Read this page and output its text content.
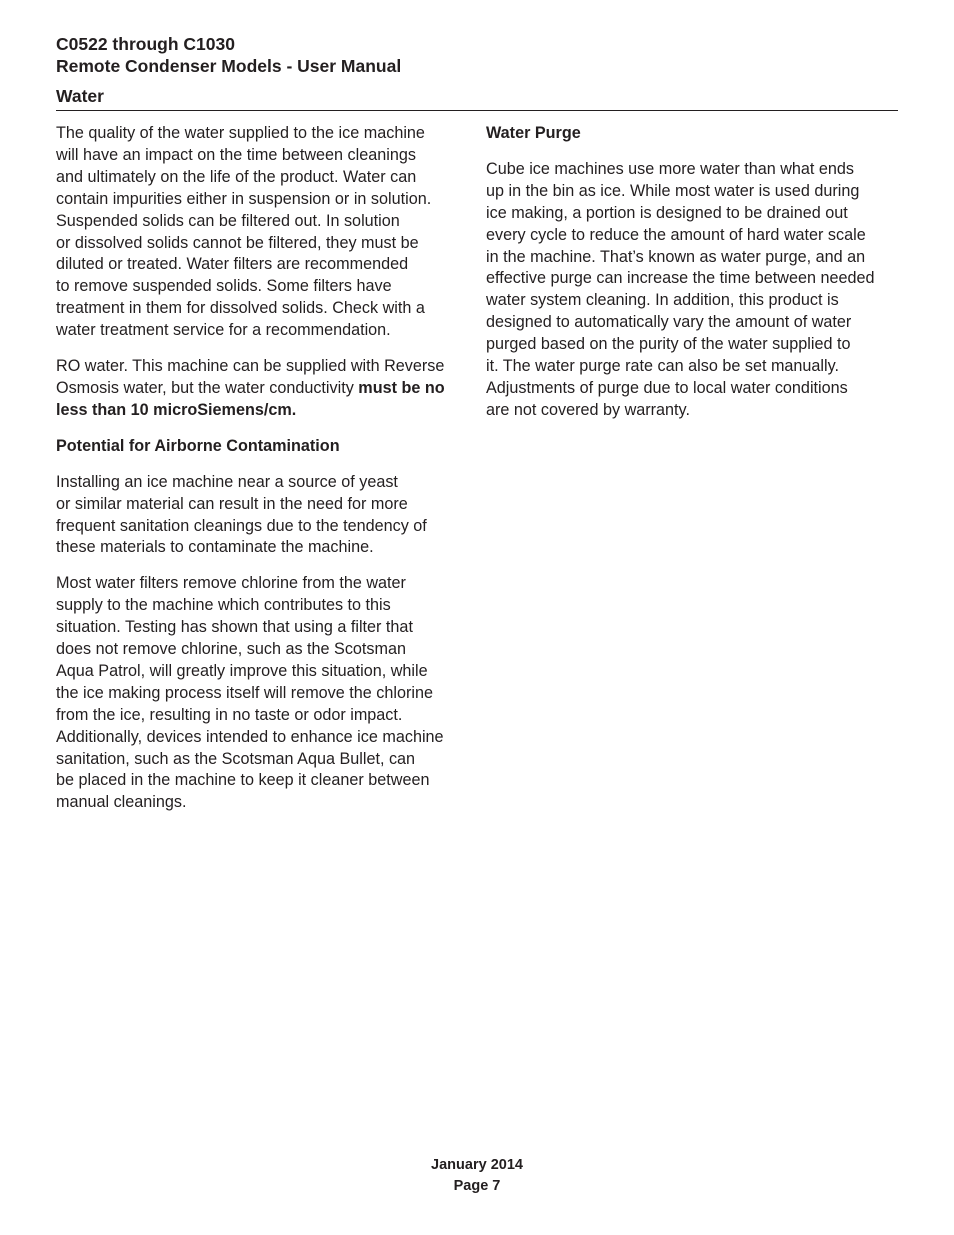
C0522 through C1030
Remote Condenser Models - User Manual
Water

The quality of the water supplied to the ice machine
will have an impact on the time between cleanings
and ultimately on the life of the product. Water can
contain impurities either in suspension or in solution.
Suspended solids can be filtered out. In solution
or dissolved solids cannot be filtered, they must be
diluted or treated. Water filters are recommended
to remove suspended solids. Some filters have
treatment in them for dissolved solids. Check with a
water treatment service for a recommendation.

RO water. This machine can be supplied with Reverse
Osmosis water, but the water conductivity must be no
less than 10 microSiemens/cm.

Potential for Airborne Contamination

Installing an ice machine near a source of yeast
or similar material can result in the need for more
frequent sanitation cleanings due to the tendency of
these materials to contaminate the machine.

Most water filters remove chlorine from the water
supply to the machine which contributes to this
situation. Testing has shown that using a filter that
does not remove chlorine, such as the Scotsman
Aqua Patrol, will greatly improve this situation, while
the ice making process itself will remove the chlorine
from the ice, resulting in no taste or odor impact.
Additionally, devices intended to enhance ice machine
sanitation, such as the Scotsman Aqua Bullet, can
be placed in the machine to keep it cleaner between
manual cleanings.

Water Purge

Cube ice machines use more water than what ends
up in the bin as ice. While most water is used during
ice making, a portion is designed to be drained out
every cycle to reduce the amount of hard water scale
in the machine. That’s known as water purge, and an
effective purge can increase the time between needed
water system cleaning. In addition, this product is
designed to automatically vary the amount of water
purged based on the purity of the water supplied to
it. The water purge rate can also be set manually.
Adjustments of purge due to local water conditions
are not covered by warranty.

January 2014
Page 7
